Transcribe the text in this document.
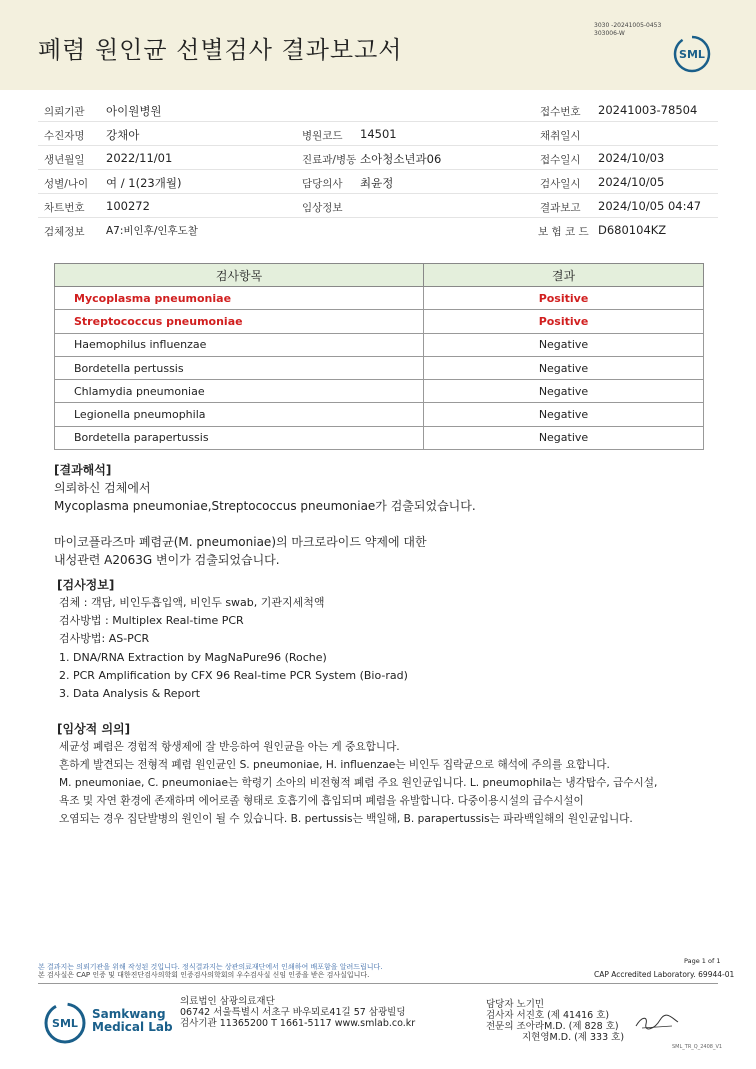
폐렴 원인균 선별검사 결과보고서
3030 -20241005-0453
303006-W
SML
의뢰기관 아이원병원	접수번호 20241003-78504
수진자명 강채아	병원코드 14501	채취일시
생년월일 2022/11/01	진료과/병동 소아청소년과06	접수일시 2024/10/03
성별/나이 여 / 1(23개월)	담당의사 최윤정	검사일시 2024/10/05
차트번호 100272	임상정보	결과보고 2024/10/05 04:47
검체정보 A7:비인후/인후도찰	보 험 코 드 D680104KZ
검사항목	결과
Mycoplasma pneumoniae	Positive
Streptococcus pneumoniae	Positive
Haemophilus influenzae	Negative
Bordetella pertussis	Negative
Chlamydia pneumoniae	Negative
Legionella pneumophila	Negative
Bordetella parapertussis	Negative
[결과해석]
의뢰하신 검체에서
Mycoplasma pneumoniae,Streptococcus pneumoniae가 검출되었습니다.
마이코플라즈마 폐렴균(M. pneumoniae)의 마크로라이드 약제에 대한
내성관련 A2063G 변이가 검출되었습니다.
[검사정보]
검체 : 객담, 비인두흡입액, 비인두 swab, 기관지세척액
검사방법 : Multiplex Real-time PCR
검사방법: AS-PCR
1. DNA/RNA Extraction by MagNaPure96 (Roche)
2. PCR Amplification by CFX 96 Real-time PCR System (Bio-rad)
3. Data Analysis & Report
[임상적 의의]
세균성 폐렴은 경험적 항생제에 잘 반응하여 원인균을 아는 게 중요합니다.
흔하게 발견되는 전형적 폐렴 원인균인 S. pneumoniae, H. influenzae는 비인두 집락균으로 해석에 주의를 요합니다.
M. pneumoniae, C. pneumoniae는 학령기 소아의 비전형적 폐렴 주요 원인균입니다. L. pneumophila는 냉각탑수, 급수시설,
욕조 및 자연 환경에 존재하며 에어로졸 형태로 호흡기에 흡입되며 폐렴을 유발합니다. 다중이용시설의 급수시설이
오염되는 경우 집단발병의 원인이 될 수 있습니다. B. pertussis는 백일해, B. parapertussis는 파라백일해의 원인균입니다.
Page 1 of 1
본 결과지는 의뢰기관을 위해 작성된 것입니다. 정식결과지는 상관의료재단에서 인쇄하여 배포함을 알려드립니다.
본 검사실은 CAP 인증 및 대한진단검사의학회 인증검사의학회의 우수검사실 신임 인증을 받은 검사실입니다.	CAP Accredited Laboratory. 69944-01
SML
Samkwang
Medical Lab
의료법인 삼광의료재단
06742 서울특별시 서초구 바우뫼로41길 57 삼광빌딩
검사기관 11365200 T 1661-5117 www.smlab.co.kr
담당자 노기민
검사자 서진호 (제 41416 호)
전문의 조아라M.D. (제 828 호)
지현영M.D. (제 333 호)
SML_TR_Q_2408_V1
